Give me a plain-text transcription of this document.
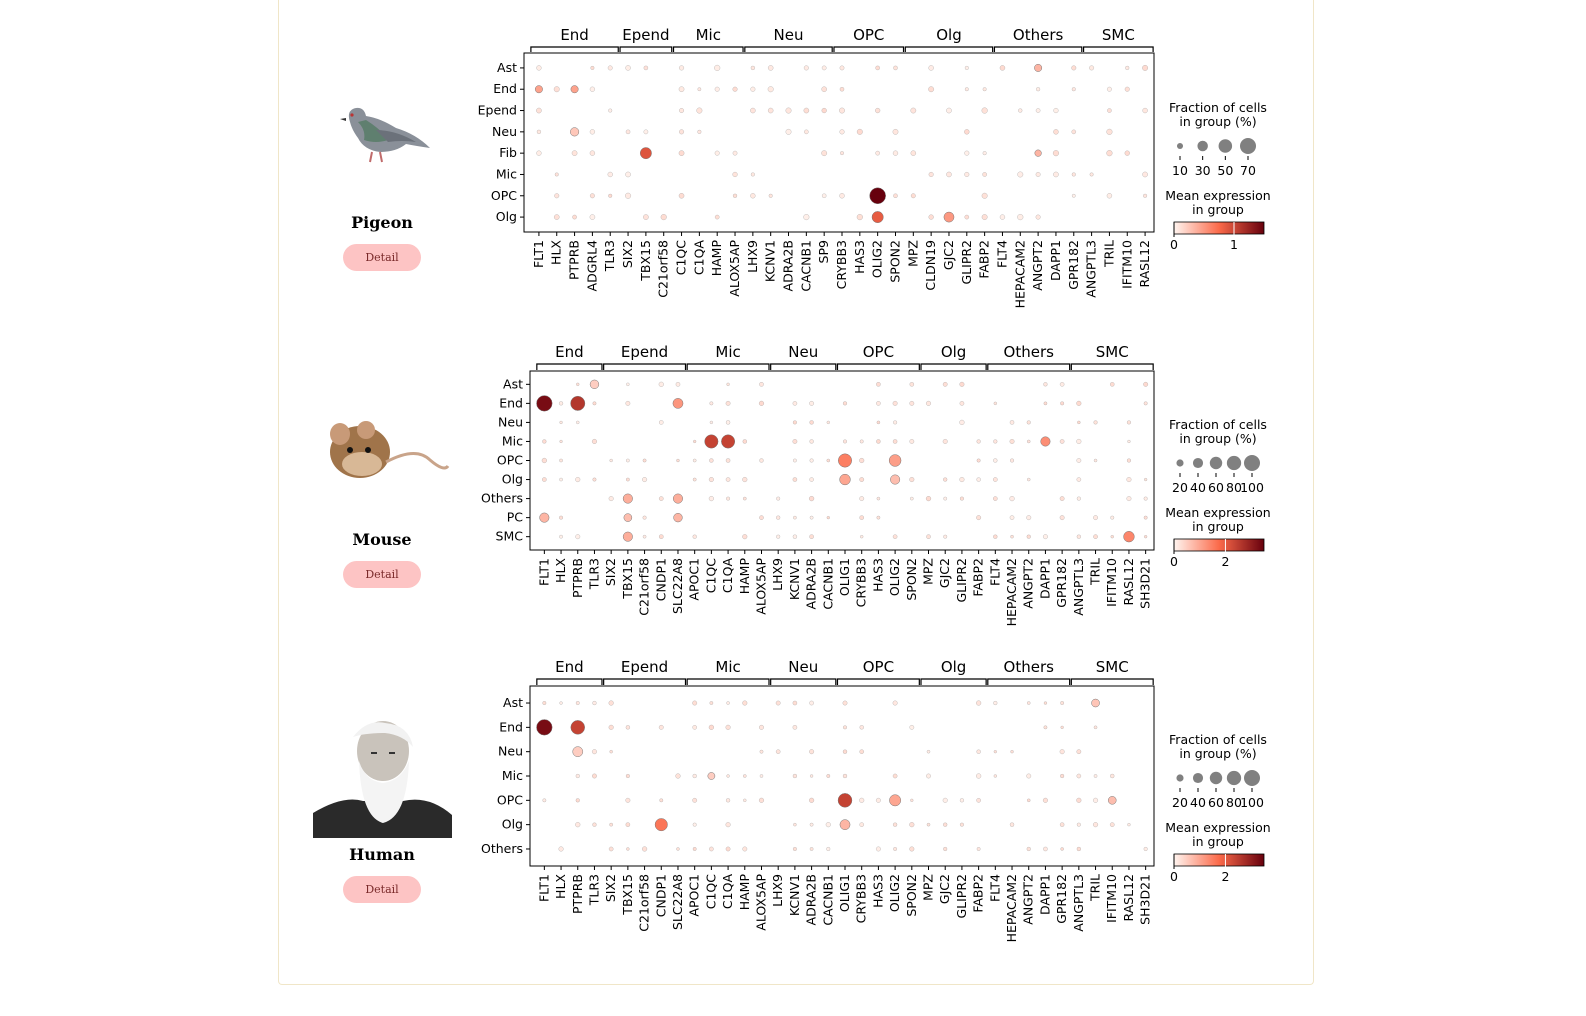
Pigeon
Detail
Mouse
Detail
Human
Detail
End Epend Mic	Neu	OPC	Olg	Others	SMC
Ast
End
Epend
Neu
Fib
Mic
OPC
Olg
FLT1 HLX PTPRB ADGRL4 TLR3 SIX2 TBX15 C21orf58 C1QC C1QA HAMP ALOX5AP LHX9 KCNV1 ADRA2B CACNB1 SP9 CRYBB3 HAS3 OLIG2 SPON2 MPZ CLDN19 GJC2 GLIPR2 FABP2 FLT4 HEPACAM2 ANGPT2 DAPP1 GPR182 ANGPTL3 TRIL IFITM10 RASL12
Fraction of cells
in group (%)
10 30 50 70
Mean expression
in group
0	1
End Epend	Mic	Neu	OPC	Olg Others	SMC
Ast
End
Neu
Mic
OPC
Olg
Others
PC
SMC
FLT1 HLX PTPRB TLR3 SIX2 TBX15 C21orf58 CNDP1 SLC22A8 APOC1 C1QC C1QA HAMP ALOX5AP LHX9 KCNV1 ADRA2B CACNB1 OLIG1 CRYBB3 HAS3 OLIG2 SPON2 MPZ GJC2 GLIPR2 FABP2 FLT4 HEPACAM2 ANGPT2 DAPP1 GPR182 ANGPTL3 TRIL IFITM10 RASL12 SH3D21
Fraction of cells
in group (%)
20 40 60 80
100
Mean expression
in group
0	2
End Epend	Mic	Neu	OPC	Olg Others	SMC
Ast
End
Neu
Mic
OPC
Olg
Others
FLT1 HLX PTPRB TLR3 SIX2 TBX15 C21orf58 CNDP1 SLC22A8 APOC1 C1QC C1QA HAMP ALOX5AP LHX9 KCNV1 ADRA2B CACNB1 OLIG1 CRYBB3 HAS3 OLIG2 SPON2 MPZ GJC2 GLIPR2 FABP2 FLT4 HEPACAM2 ANGPT2 DAPP1 GPR182 ANGPTL3 TRIL IFITM10 RASL12 SH3D21
Fraction of cells
in group (%)
20 40 60 80
100
Mean expression
in group
0	2
